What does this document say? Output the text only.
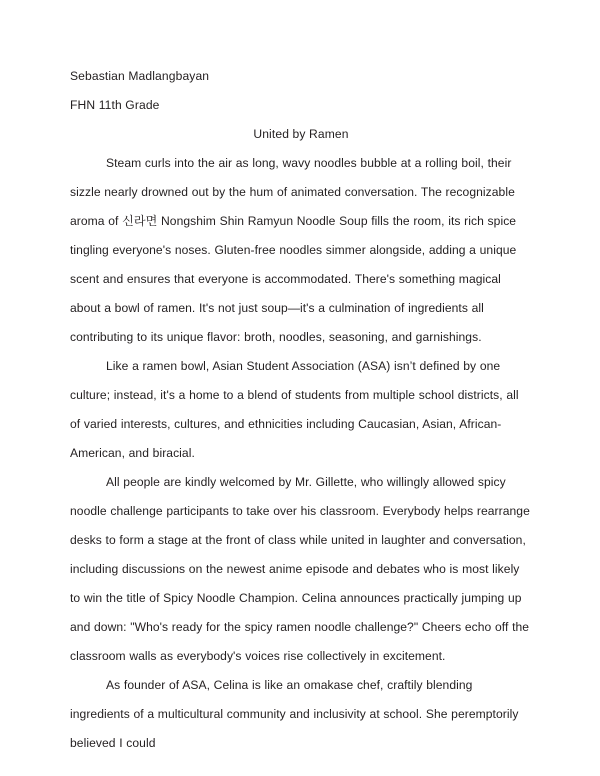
Sebastian Madlangbayan
FHN 11th Grade
United by Ramen
Steam curls into the air as long, wavy noodles bubble at a rolling boil, their sizzle nearly drowned out by the hum of animated conversation. The recognizable aroma of 신라면 Nongshim Shin Ramyun Noodle Soup fills the room, its rich spice tingling everyone's noses. Gluten-free noodles simmer alongside, adding a unique scent and ensures that everyone is accommodated. There's something magical about a bowl of ramen. It's not just soup—it's a culmination of ingredients all contributing to its unique flavor: broth, noodles, seasoning, and garnishings.
Like a ramen bowl, Asian Student Association (ASA) isn’t defined by one culture; instead, it's a home to a blend of students from multiple school districts, all of varied interests, cultures, and ethnicities including Caucasian, Asian, African-American, and biracial.
All people are kindly welcomed by Mr. Gillette, who willingly allowed spicy noodle challenge participants to take over his classroom. Everybody helps rearrange desks to form a stage at the front of class while united in laughter and conversation, including discussions on the newest anime episode and debates who is most likely to win the title of Spicy Noodle Champion. Celina announces practically jumping up and down: "Who's ready for the spicy ramen noodle challenge?" Cheers echo off the classroom walls as everybody's voices rise collectively in excitement.
As founder of ASA, Celina is like an omakase chef, craftily blending ingredients of a multicultural community and inclusivity at school. She peremptorily believed I could
